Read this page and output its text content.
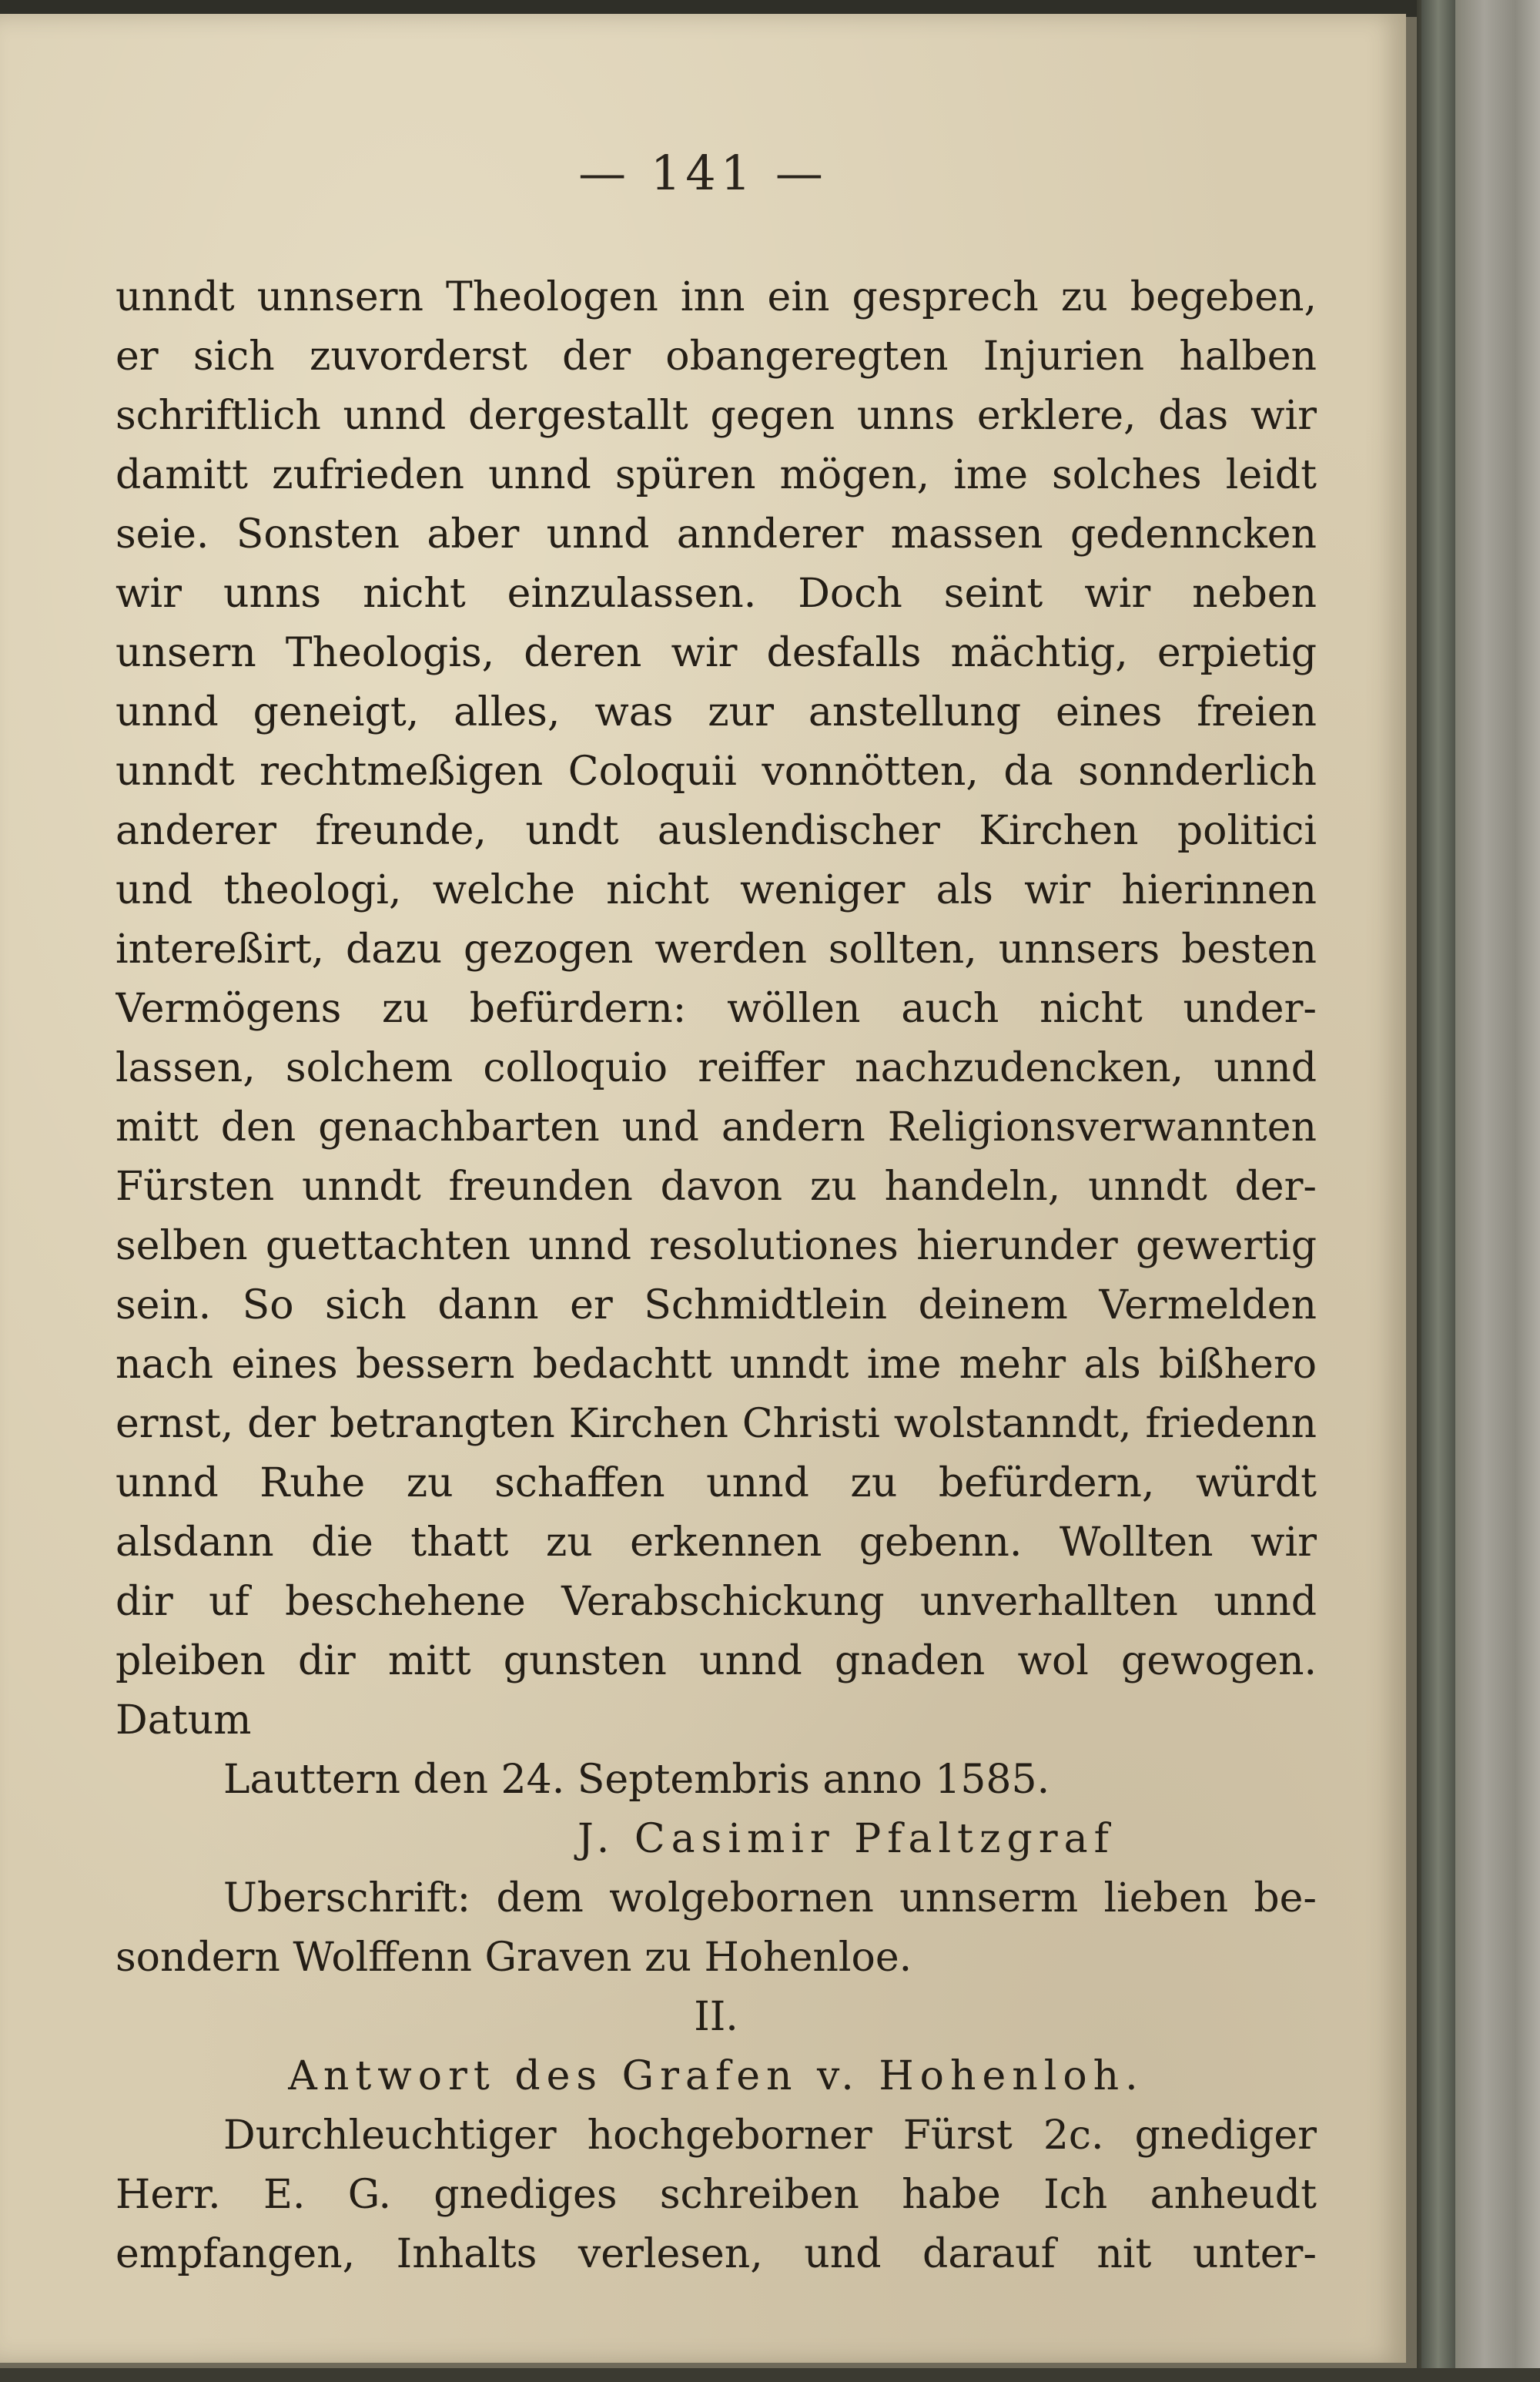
— 141 —
unndt unnsern Theologen inn ein gesprech zu begeben,
er sich zuvorderst der obangeregten Injurien halben
schriftlich unnd dergestallt gegen unns erklere, das wir
damitt zufrieden unnd spüren mögen, ime solches leidt
seie. Sonsten aber unnd annderer massen gedenncken
wir unns nicht einzulassen. Doch seint wir neben
unsern Theologis, deren wir desfalls mächtig, erpietig
unnd geneigt, alles, was zur anstellung eines freien
unndt rechtmeßigen Coloquii vonnötten, da sonnderlich
anderer freunde, undt auslendischer Kirchen politici
und theologi, welche nicht weniger als wir hierinnen
intereßirt, dazu gezogen werden sollten, unnsers besten
Vermögens zu befürdern: wöllen auch nicht under-
lassen, solchem colloquio reiffer nachzudencken, unnd
mitt den genachbarten und andern Religionsverwannten
Fürsten unndt freunden davon zu handeln, unndt der-
selben guettachten unnd resolutiones hierunder gewertig
sein. So sich dann er Schmidtlein deinem Vermelden
nach eines bessern bedachtt unndt ime mehr als bißhero
ernst, der betrangten Kirchen Christi wolstanndt, friedenn
unnd Ruhe zu schaffen unnd zu befürdern, würdt
alsdann die thatt zu erkennen gebenn. Wollten wir
dir uf beschehene Verabschickung unverhallten unnd
pleiben dir mitt gunsten unnd gnaden wol gewogen.
Datum
Lauttern den 24. Septembris anno 1585.
J. Casimir Pfaltzgraf
Uberschrift: dem wolgebornen unnserm lieben be-
sondern Wolffenn Graven zu Hohenloe.
II.
Antwort des Grafen v. Hohenloh.
Durchleuchtiger hochgeborner Fürst 2c. gnediger
Herr. E. G. gnediges schreiben habe Ich anheudt
empfangen, Inhalts verlesen, und darauf nit unter-
